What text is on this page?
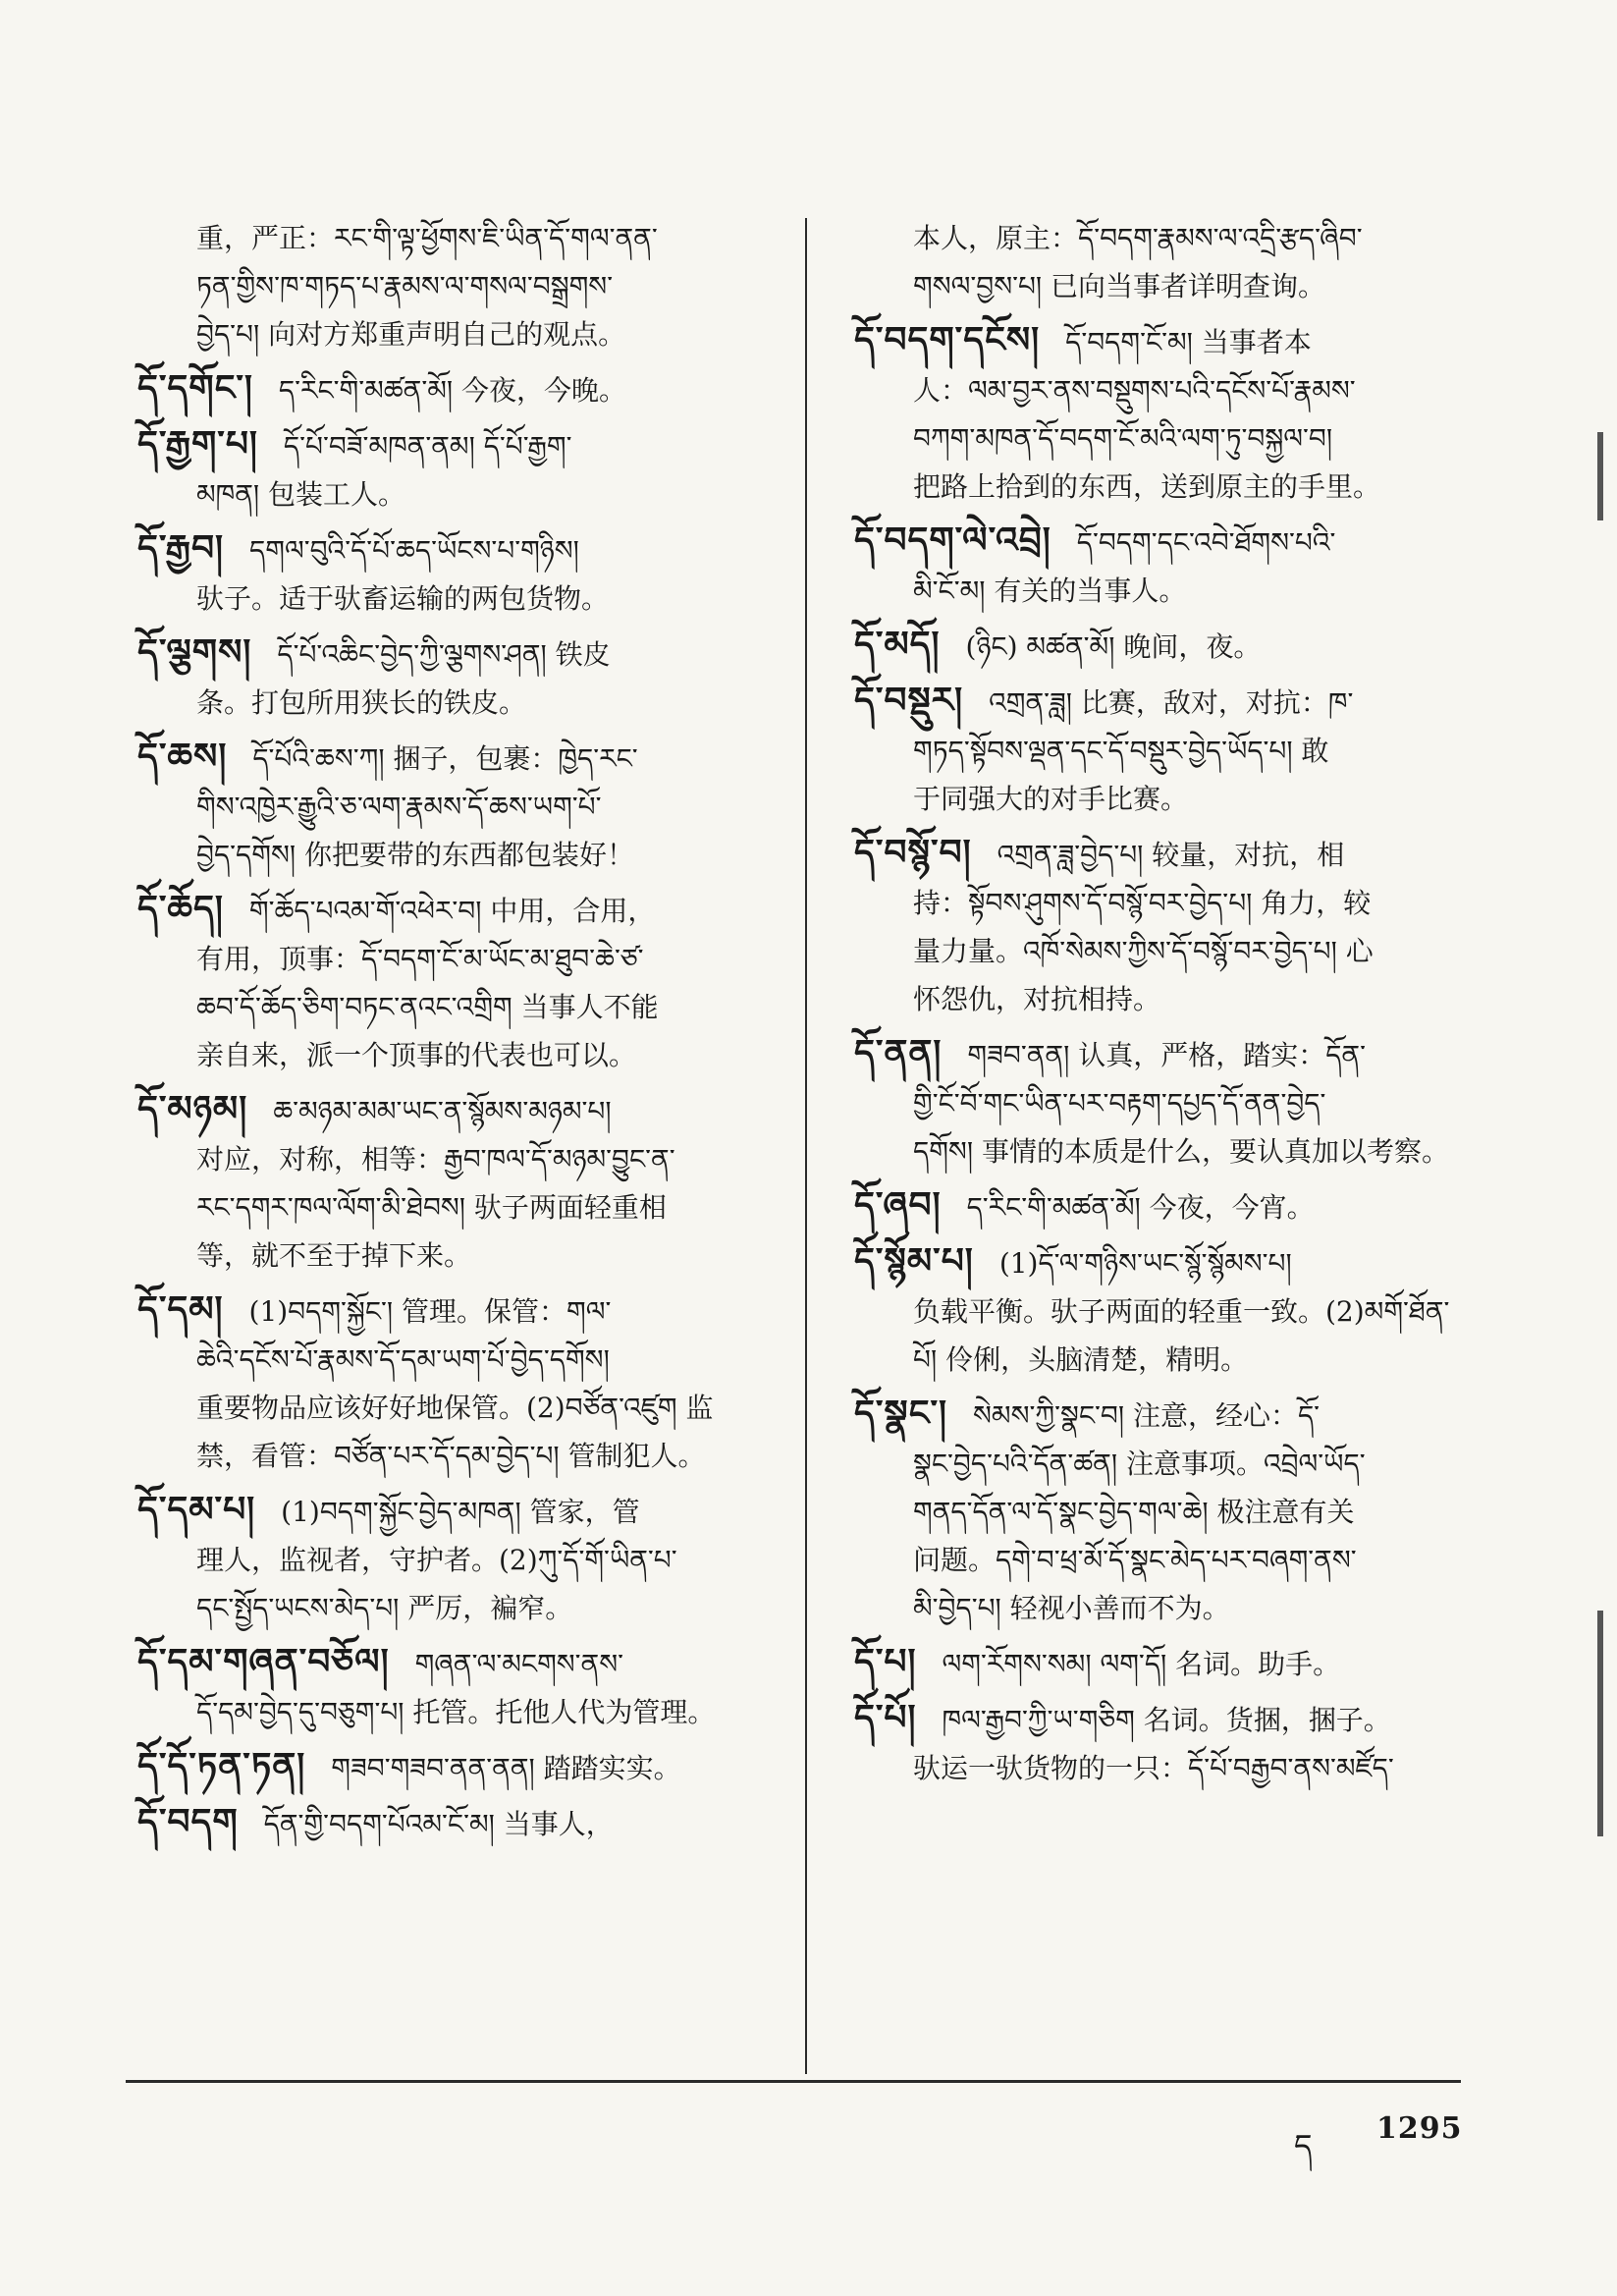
重，严正：རང་གི་ལྟ་ཕྱོགས་ཇི་ཡིན་དོ་གལ་ནན་

ཏན་གྱིས་ཁ་གཏད་པ་རྣམས་ལ་གསལ་བསྒྲགས་

བྱེད་པ། 向对方郑重声明自己的观点。

དོ་དགོང་། ད་རིང་གི་མཚན་མོ། 今夜，今晚。

དོ་རྒྱག་པ། དོ་པོ་བཟོ་མཁན་ནམ། དོ་པོ་རྒྱག་

མཁན། 包装工人。

དོ་རྒྱབ། དགལ་བུའི་དོ་པོ་ཆད་ཡོངས་པ་གཉིས།

驮子。适于驮畜运输的两包货物。

དོ་ལྕགས། དོ་པོ་འཆིང་བྱེད་ཀྱི་ལྕགས་ཤན། 铁皮

条。打包所用狭长的铁皮。

དོ་ཆས། དོ་པོའི་ཆས་ཀ། 捆子，包裹：ཁྱེད་རང་

གིས་འཁྱེར་རྒྱུའི་ཅ་ལག་རྣམས་དོ་ཆས་ཡག་པོ་

བྱེད་དགོས། 你把要带的东西都包装好！

དོ་ཆོད། གོ་ཆོད་པའམ་གོ་འཕེར་བ། 中用，合用，

有用，顶事：དོ་བདག་ངོ་མ་ཡོང་མ་ཐུབ་ཆེ་ཙ་

ཆབ་དོ་ཆོད་ཅིག་བཏང་ནའང་འགྲིག 当事人不能

亲自来，派一个顶事的代表也可以。

དོ་མཉམ། ཆ་མཉམ་མམ་ཡང་ན་སྙོམས་མཉམ་པ།

对应，对称，相等：རྒྱབ་ཁལ་དོ་མཉམ་བྱུང་ན་

རང་དགར་ཁལ་ལོག་མི་ཐེབས། 驮子两面轻重相

等，就不至于掉下来。

དོ་དམ། (1)བདག་སྐྱོང་། 管理。保管：གལ་

ཆེའི་དངོས་པོ་རྣམས་དོ་དམ་ཡག་པོ་བྱེད་དགོས།

重要物品应该好好地保管。(2)བཙོན་འཛུག 监

禁，看管：བཙོན་པར་དོ་དམ་བྱེད་པ། 管制犯人。

དོ་དམ་པ། (1)བདག་སྐྱོང་བྱེད་མཁན། 管家，管

理人，监视者，守护者。(2)ཀུ་དོ་གོ་ཡིན་པ་

དང་སྤྱོད་ཡངས་མེད་པ། 严厉，褊窄。

དོ་དམ་གཞན་བཅོལ། གཞན་ལ་མངགས་ནས་

དོ་དམ་བྱེད་དུ་བཅུག་པ། 托管。托他人代为管理。

དོ་དོ་ཏན་ཏན། གཟབ་གཟབ་ནན་ནན། 踏踏实实。

དོ་བདག དོན་གྱི་བདག་པོའམ་ངོ་མ། 当事人，

本人，原主：དོ་བདག་རྣམས་ལ་འདྲི་རྩད་ཞིབ་

གསལ་བྱས་པ། 已向当事者详明查询。

དོ་བདག་དངོས། དོ་བདག་ངོ་མ། 当事者本

人：ལམ་བྱར་ནས་བསྡུགས་པའི་དངོས་པོ་རྣམས་

བཀག་མཁན་དོ་བདག་ངོ་མའི་ལག་ཏུ་བསྐྱལ་བ།

把路上拾到的东西，送到原主的手里。

དོ་བདག་ལེ་འབྲེ། དོ་བདག་དང་འབེ་ཐོགས་པའི་

མི་ངོ་མ། 有关的当事人。

དོ་མདོ། (ཉིང) མཚན་མོ། 晚间，夜。

དོ་བསྡུར། འགྲན་ཟླ། 比赛，敌对，对抗：ཁ་

གཏད་སྟོབས་ལྡན་དང་དོ་བསྡུར་བྱེད་ཡོད་པ། 敢

于同强大的对手比赛。

དོ་བསྙོ་བ། འགྲན་ཟླ་བྱེད་པ། 较量，对抗，相

持：སྟོབས་ཤུགས་དོ་བསྙོ་བར་བྱེད་པ། 角力，较

量力量。འཁོ་སེམས་ཀྱིས་དོ་བསྙོ་བར་བྱེད་པ། 心

怀怨仇，对抗相持。

དོ་ནན། གཟབ་ནན། 认真，严格，踏实：དོན་

གྱི་ངོ་བོ་གང་ཡིན་པར་བརྟག་དཔྱད་དོ་ནན་བྱེད་

དགོས། 事情的本质是什么，要认真加以考察。

དོ་ཞབ། ད་རིང་གི་མཚན་མོ། 今夜，今宵。

དོ་སྙོམ་པ། (1)དོ་ལ་གཉིས་ཡང་སྙོ་སྙོམས་པ།

负载平衡。驮子两面的轻重一致。(2)མགོ་ཐོན་

པོ། 伶俐，头脑清楚，精明。

དོ་སྣང་། སེམས་ཀྱི་སྣང་བ། 注意，经心：དོ་

སྣང་བྱེད་པའི་དོན་ཚན། 注意事项。འབྲེལ་ཡོད་

གནད་དོན་ལ་དོ་སྣང་བྱེད་གལ་ཆེ། 极注意有关

问题。དགེ་བ་ཕྲ་མོ་དོ་སྣང་མེད་པར་བཞག་ནས་

མི་བྱེད་པ། 轻视小善而不为。

དོ་པ། ལག་རོགས་སམ། ལག་དོ། 名词。助手。

དོ་པོ། ཁལ་རྒྱབ་ཀྱི་ཡ་གཅིག 名词。货捆，捆子。

驮运一驮货物的一只：དོ་པོ་བརྒྱབ་ནས་མཛོད་

ད 1295
